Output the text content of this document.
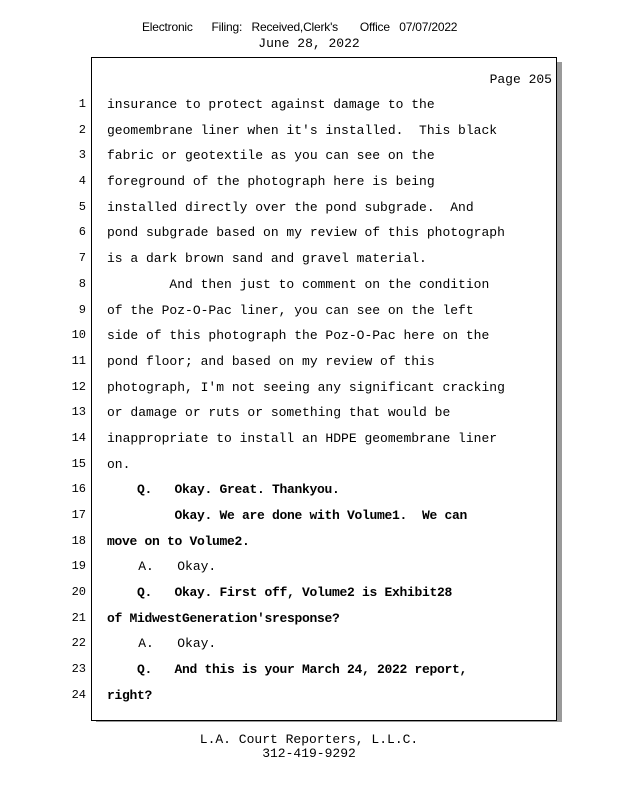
Electronic      Filing:   Received,Clerk's       Office   07/07/2022
June 28, 2022
1
2
3
4
5
6
7
8
9
10
11
12
13
14
15
16
17
18
19
20
21
22
23
24
Page 205
insurance to protect against damage to the
geomembrane liner when it's installed.  This black
fabric or geotextile as you can see on the
foreground of the photograph here is being
installed directly over the pond subgrade.  And
pond subgrade based on my review of this photograph
is a dark brown sand and gravel material.
And then just to comment on the condition
of the Poz-O-Pac liner, you can see on the left
side of this photograph the Poz-O-Pac here on the
pond floor; and based on my review of this
photograph, I'm not seeing any significant cracking
or damage or ruts or something that would be
inappropriate to install an HDPE geomembrane liner
on.
Q.   Okay. Great. Thankyou.
Okay. We are done with Volume1.  We can
move on to Volume2.
A.   Okay.
Q.   Okay. First off, Volume2 is Exhibit28
of MidwestGeneration'sresponse?
A.   Okay.
Q.   And this is your March 24, 2022 report,
right?
L.A. Court Reporters, L.L.C.
312-419-9292
